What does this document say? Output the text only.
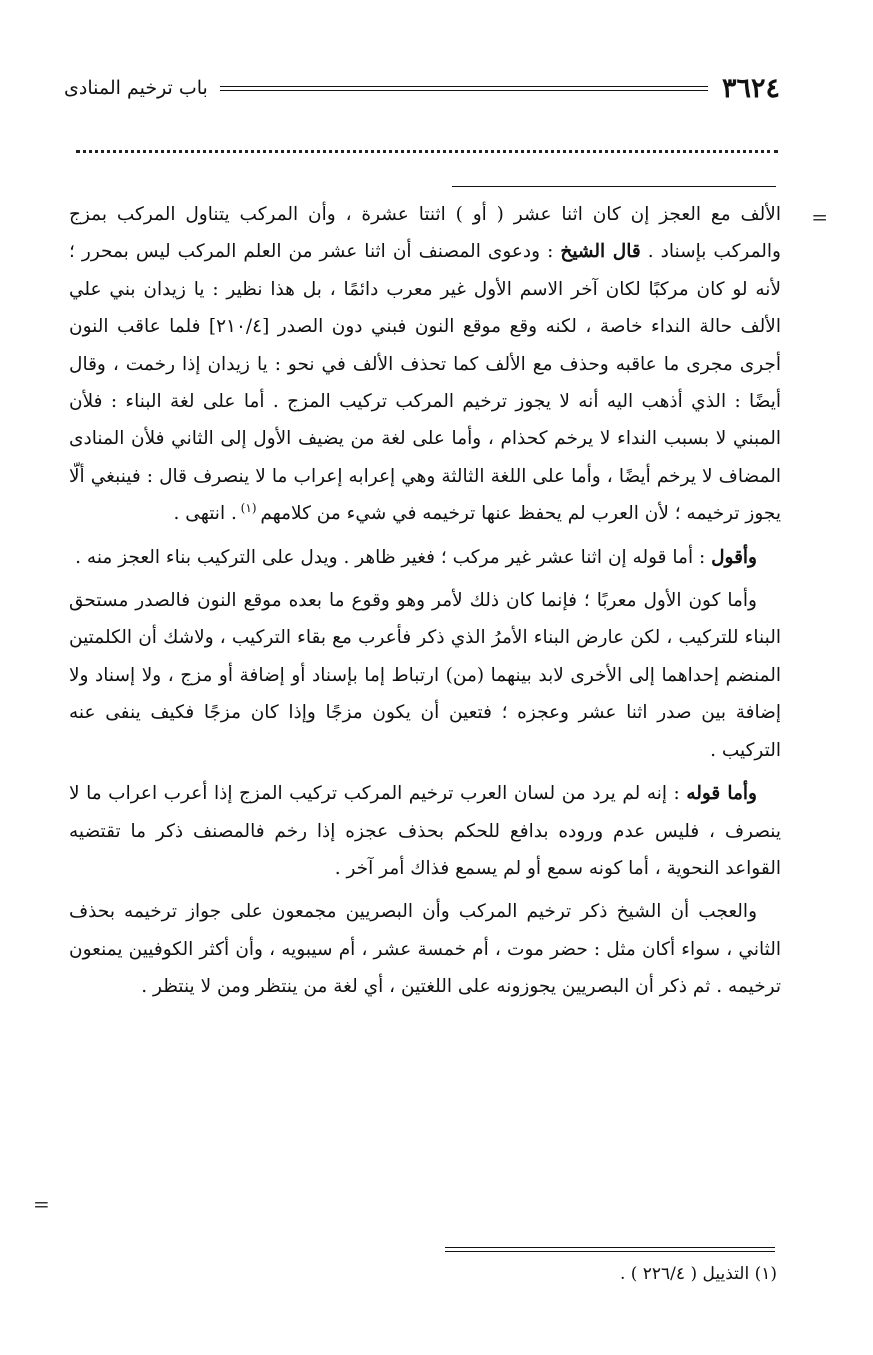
٣٦٢٤
باب ترخيم المنادى
=
=

الألف مع العجز إن كان اثنا عشر ( أو ) اثنتا عشرة ، وأن المركب يتناول المركب بمزج والمركب بإسناد . قال الشيخ : ودعوى المصنف أن اثنا عشر من العلم المركب ليس بمحرر ؛ لأنه لو كان مركبًا لكان آخر الاسم الأول غير معرب دائمًا ، بل هذا نظير : يا زيدان بني علي الألف حالة النداء خاصة ، لكنه وقع موقع النون فبني دون الصدر [٢١٠/٤] فلما عاقب النون أجرى مجرى ما عاقبه وحذف مع الألف كما تحذف الألف في نحو : يا زيدان إذا رخمت ، وقال أيضًا : الذي أذهب اليه أنه لا يجوز ترخيم المركب تركيب المزج . أما على لغة البناء : فلأن المبني لا بسبب النداء لا يرخم كحذام ، وأما على لغة من يضيف الأول إلى الثاني فلأن المنادى المضاف لا يرخم أيضًا ، وأما على اللغة الثالثة وهي إعرابه إعراب ما لا ينصرف قال : فينبغي ألّا يجوز ترخيمه ؛ لأن العرب لم يحفظ عنها ترخيمه في شيء من كلامهم $^{(١)}$ . انتهى .

وأقول : أما قوله إن اثنا عشر غير مركب ؛ فغير ظاهر . ويدل على التركيب بناء العجز منه .

وأما كون الأول معربًا ؛ فإنما كان ذلك لأمر وهو وقوع ما بعده موقع النون فالصدر مستحق البناء للتركيب ، لكن عارض البناء الأمرُ الذي ذكر فأعرب مع بقاء التركيب ، ولاشك أن الكلمتين المنضم إحداهما إلى الأخرى لابد بينهما (من) ارتباط إما بإسناد أو إضافة أو مزج ، ولا إسناد ولا إضافة بين صدر اثنا عشر وعجزه ؛ فتعين أن يكون مزجًا وإذا كان مزجًا فكيف ينفى عنه التركيب .

وأما قوله : إنه لم يرد من لسان العرب ترخيم المركب تركيب المزج إذا أعرب اعراب ما لا ينصرف ، فليس عدم وروده بدافع للحكم بحذف عجزه إذا رخم فالمصنف ذكر ما تقتضيه القواعد النحوية ، أما كونه سمع أو لم يسمع فذاك أمر آخر .

والعجب أن الشيخ ذكر ترخيم المركب وأن البصريين مجمعون على جواز ترخيمه بحذف الثاني ، سواء أكان مثل : حضر موت ، أم خمسة عشر ، أم سيبويه ، وأن أكثر الكوفيين يمنعون ترخيمه . ثم ذكر أن البصريين يجوزونه على اللغتين ، أي لغة من ينتظر ومن لا ينتظر .

(١) التذييل ( ٢٢٦/٤ ) .
